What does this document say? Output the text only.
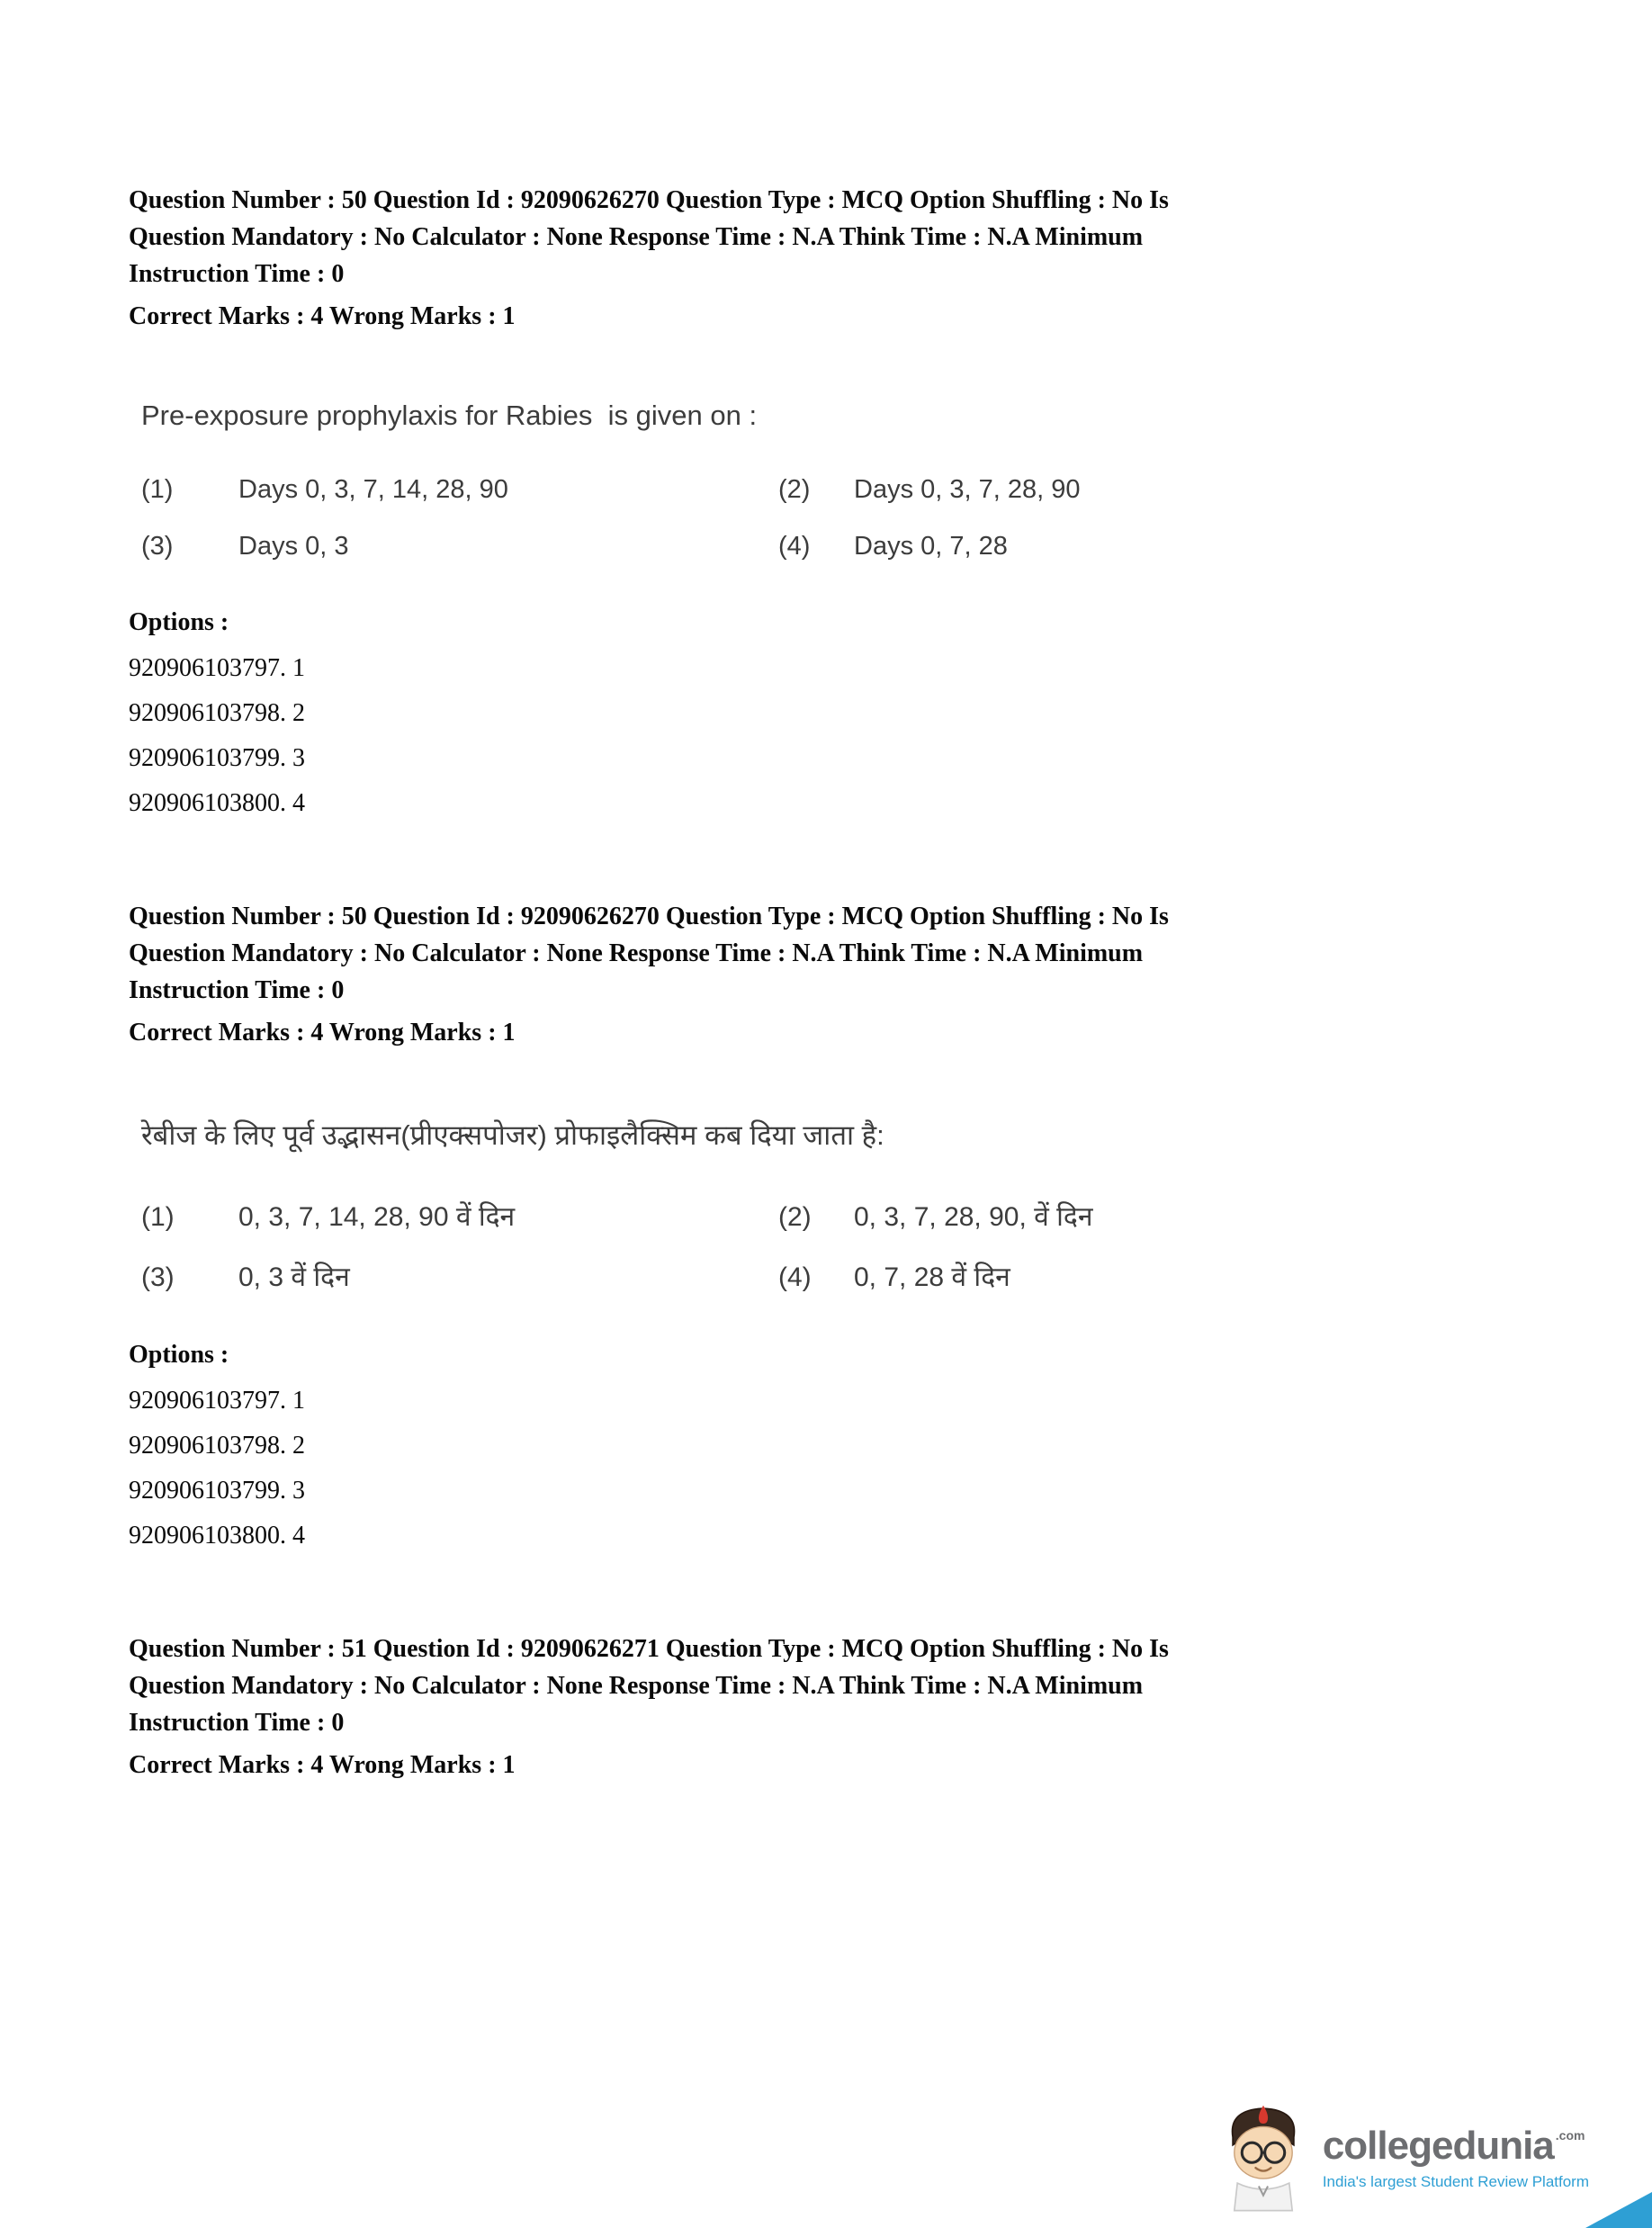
Question Number : 50 Question Id : 92090626270 Question Type : MCQ Option Shuffling : No Is
Question Mandatory : No Calculator : None Response Time : N.A Think Time : N.A Minimum
Instruction Time : 0
Correct Marks : 4 Wrong Marks : 1
Pre-exposure prophylaxis for Rabies  is given on :
(1)	Days 0, 3, 7, 14, 28, 90	(2)	Days 0, 3, 7, 28, 90
(3)	Days 0, 3	(4)	Days 0, 7, 28
Options :
920906103797. 1
920906103798. 2
920906103799. 3
920906103800. 4
Question Number : 50 Question Id : 92090626270 Question Type : MCQ Option Shuffling : No Is
Question Mandatory : No Calculator : None Response Time : N.A Think Time : N.A Minimum
Instruction Time : 0
Correct Marks : 4 Wrong Marks : 1
रेबीज के लिए पूर्व उद्भासन(प्रीएक्सपोजर) प्रोफाइलैक्सिम कब दिया जाता है:
(1)	0, 3, 7, 14, 28, 90 वें दिन	(2)	0, 3, 7, 28, 90, वें दिन
(3)	0, 3 वें दिन	(4)	0, 7, 28 वें दिन
Options :
920906103797. 1
920906103798. 2
920906103799. 3
920906103800. 4
Question Number : 51 Question Id : 92090626271 Question Type : MCQ Option Shuffling : No Is
Question Mandatory : No Calculator : None Response Time : N.A Think Time : N.A Minimum
Instruction Time : 0
Correct Marks : 4 Wrong Marks : 1
collegedunia .com
India's largest Student Review Platform
